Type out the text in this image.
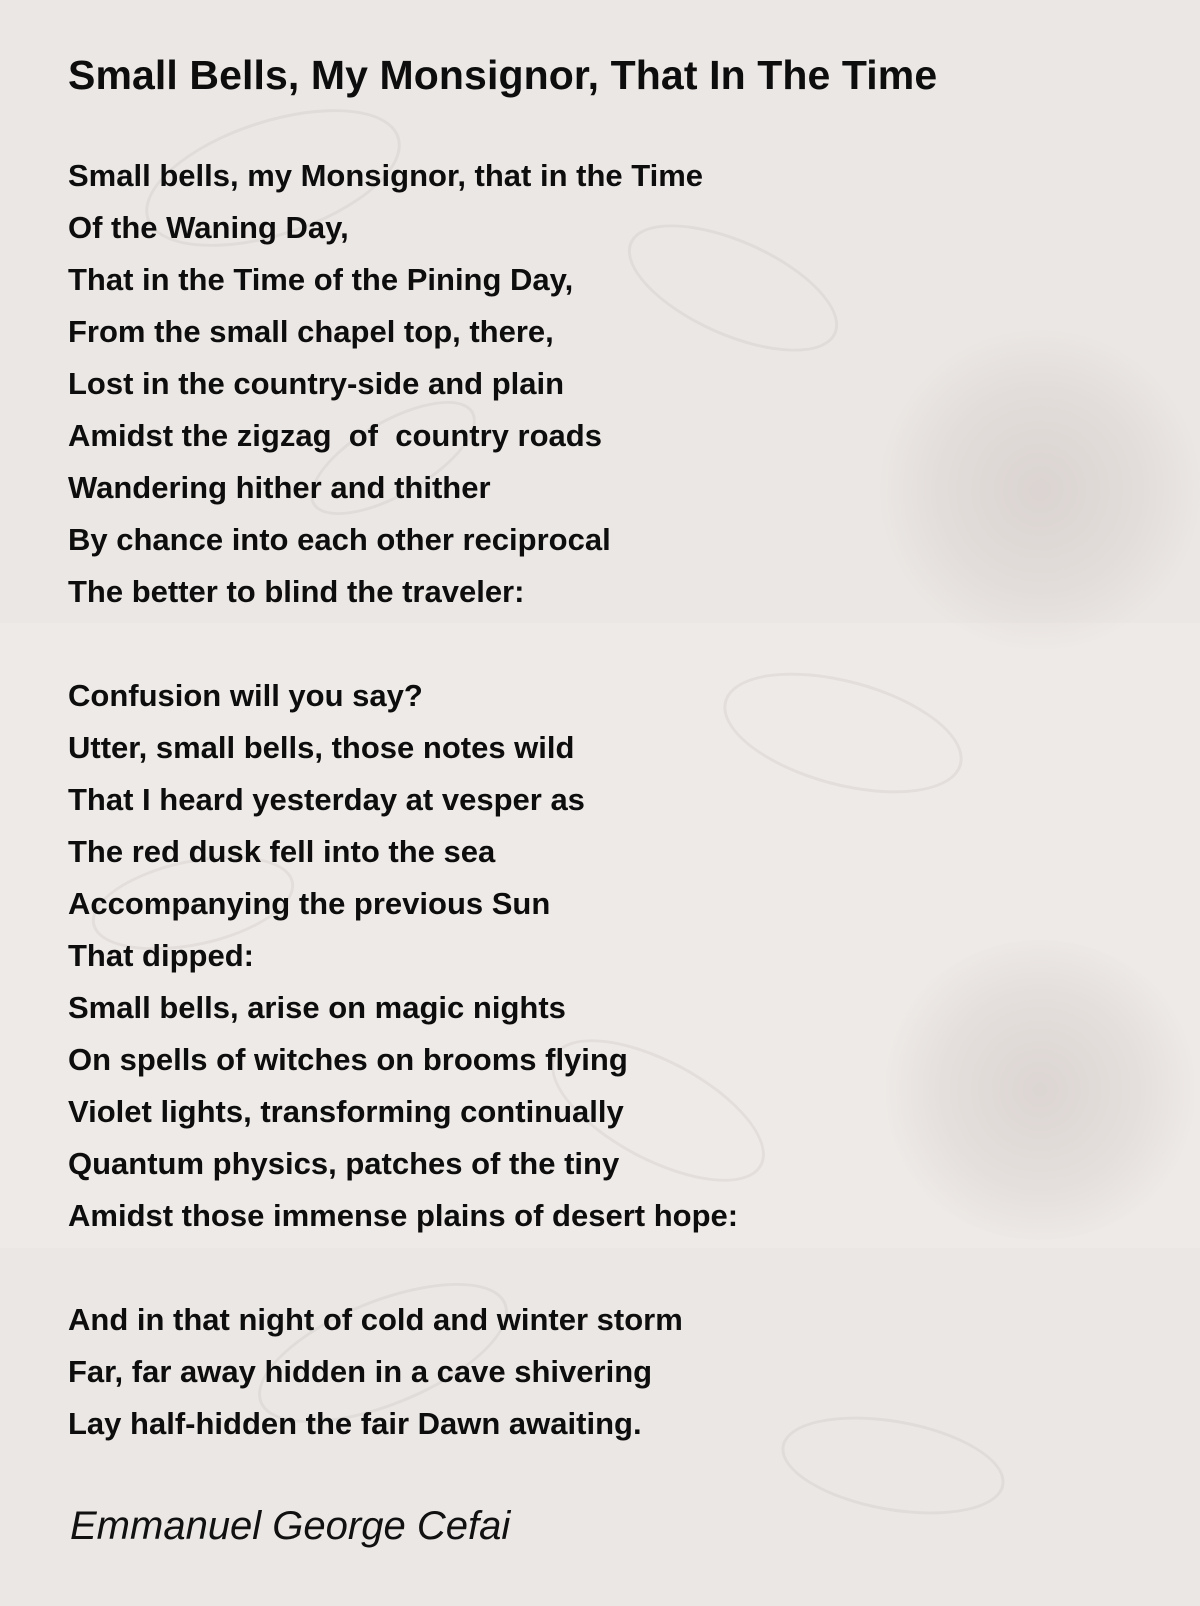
Small Bells, My Monsignor, That In The Time
Small bells, my Monsignor, that in the Time
Of the Waning Day,
That in the Time of the Pining Day,
From the small chapel top, there,
Lost in the country-side and plain
Amidst the zigzag  of  country roads
Wandering hither and thither
By chance into each other reciprocal
The better to blind the traveler:
Confusion will you say?
Utter, small bells, those notes wild
That I heard yesterday at vesper as
The red dusk fell into the sea
Accompanying the previous Sun
That dipped:
Small bells, arise on magic nights
On spells of witches on brooms flying
Violet lights, transforming continually
Quantum physics, patches of the tiny
Amidst those immense plains of desert hope:
And in that night of cold and winter storm
Far, far away hidden in a cave shivering
Lay half-hidden the fair Dawn awaiting.
Emmanuel George Cefai
